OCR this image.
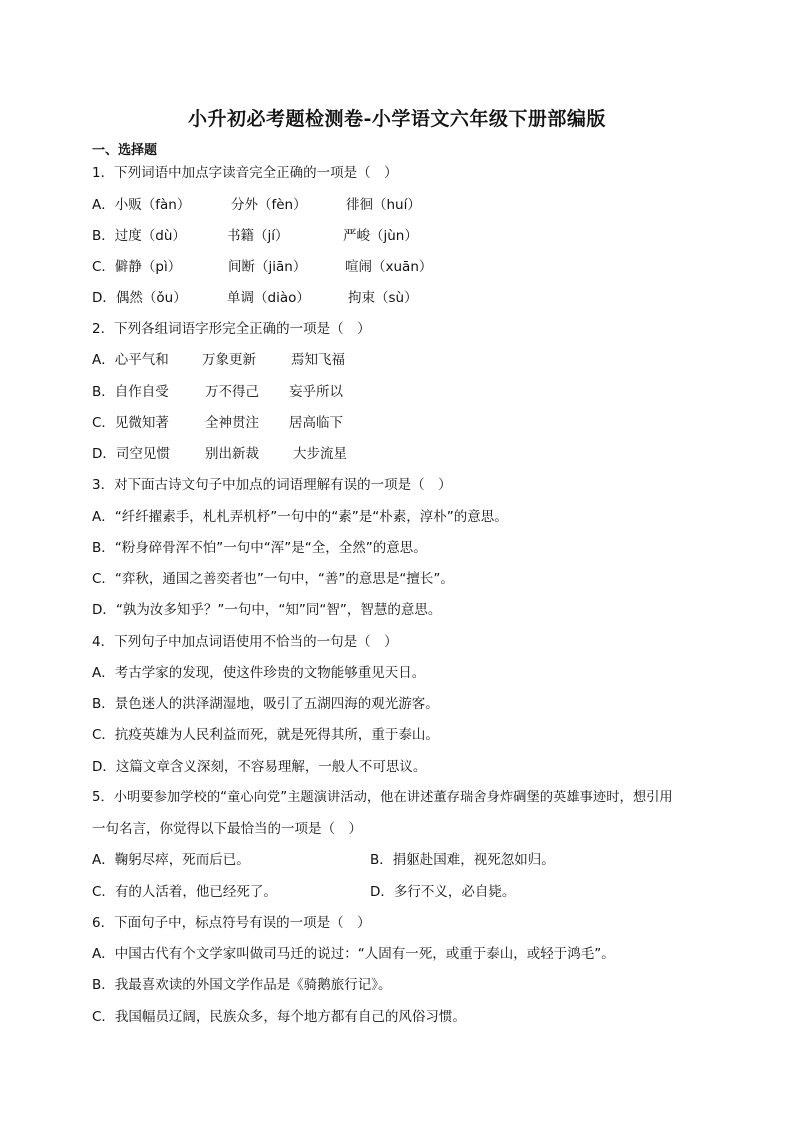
小升初必考题检测卷-小学语文六年级下册部编版
一、选择题
1．下列词语中加点字读音完全正确的一项是（　）
A．小贩（fàn）	分外（fèn）	徘徊（huí）
B．过度（dù）	书籍（jí）	严峻（jùn）
C．僻静（pì）	间断（jiān）	喧闹（xuān）
D．偶然（ǒu）	单调（diào）	拘束（sù）
2．下列各组词语字形完全正确的一项是（　）
A．心平气和 万象更新	焉知飞福
B．自作自受	万不得己 妄乎所以
C．见微知著	全神贯注 居高临下
D．司空见惯	别出新裁	大步流星
3．对下面古诗文句子中加点的词语理解有误的一项是（　）
A．“纤纤擢素手，札札弄机杼”一句中的“素”是“朴素，淳朴”的意思。
B．“粉身碎骨浑不怕”一句中“浑”是“全，全然”的意思。
C．“弈秋，通国之善奕者也”一句中，“善”的意思是“擅长”。
D．“孰为汝多知乎？”一句中，“知”同“智”，智慧的意思。
4．下列句子中加点词语使用不恰当的一句是（　）
A．考古学家的发现，使这件珍贵的文物能够重见天日。
B．景色迷人的洪泽湖湿地，吸引了五湖四海的观光游客。
C．抗疫英雄为人民利益而死，就是死得其所，重于泰山。
D．这篇文章含义深刻，不容易理解，一般人不可思议。
5．小明要参加学校的“童心向党”主题演讲活动，他在讲述董存瑞舍身炸碉堡的英雄事迹时，想引用
一句名言，你觉得以下最恰当的一项是（　）
A．鞠躬尽瘁，死而后已。	B．捐躯赴国难，视死忽如归。
C．有的人活着，他已经死了。	D．多行不义，必自毙。
6．下面句子中，标点符号有误的一项是（　）
A．中国古代有个文学家叫做司马迁的说过：“人固有一死，或重于泰山，或轻于鸿毛”。
B．我最喜欢读的外国文学作品是《骑鹅旅行记》。
C．我国幅员辽阔，民族众多，每个地方都有自己的风俗习惯。
